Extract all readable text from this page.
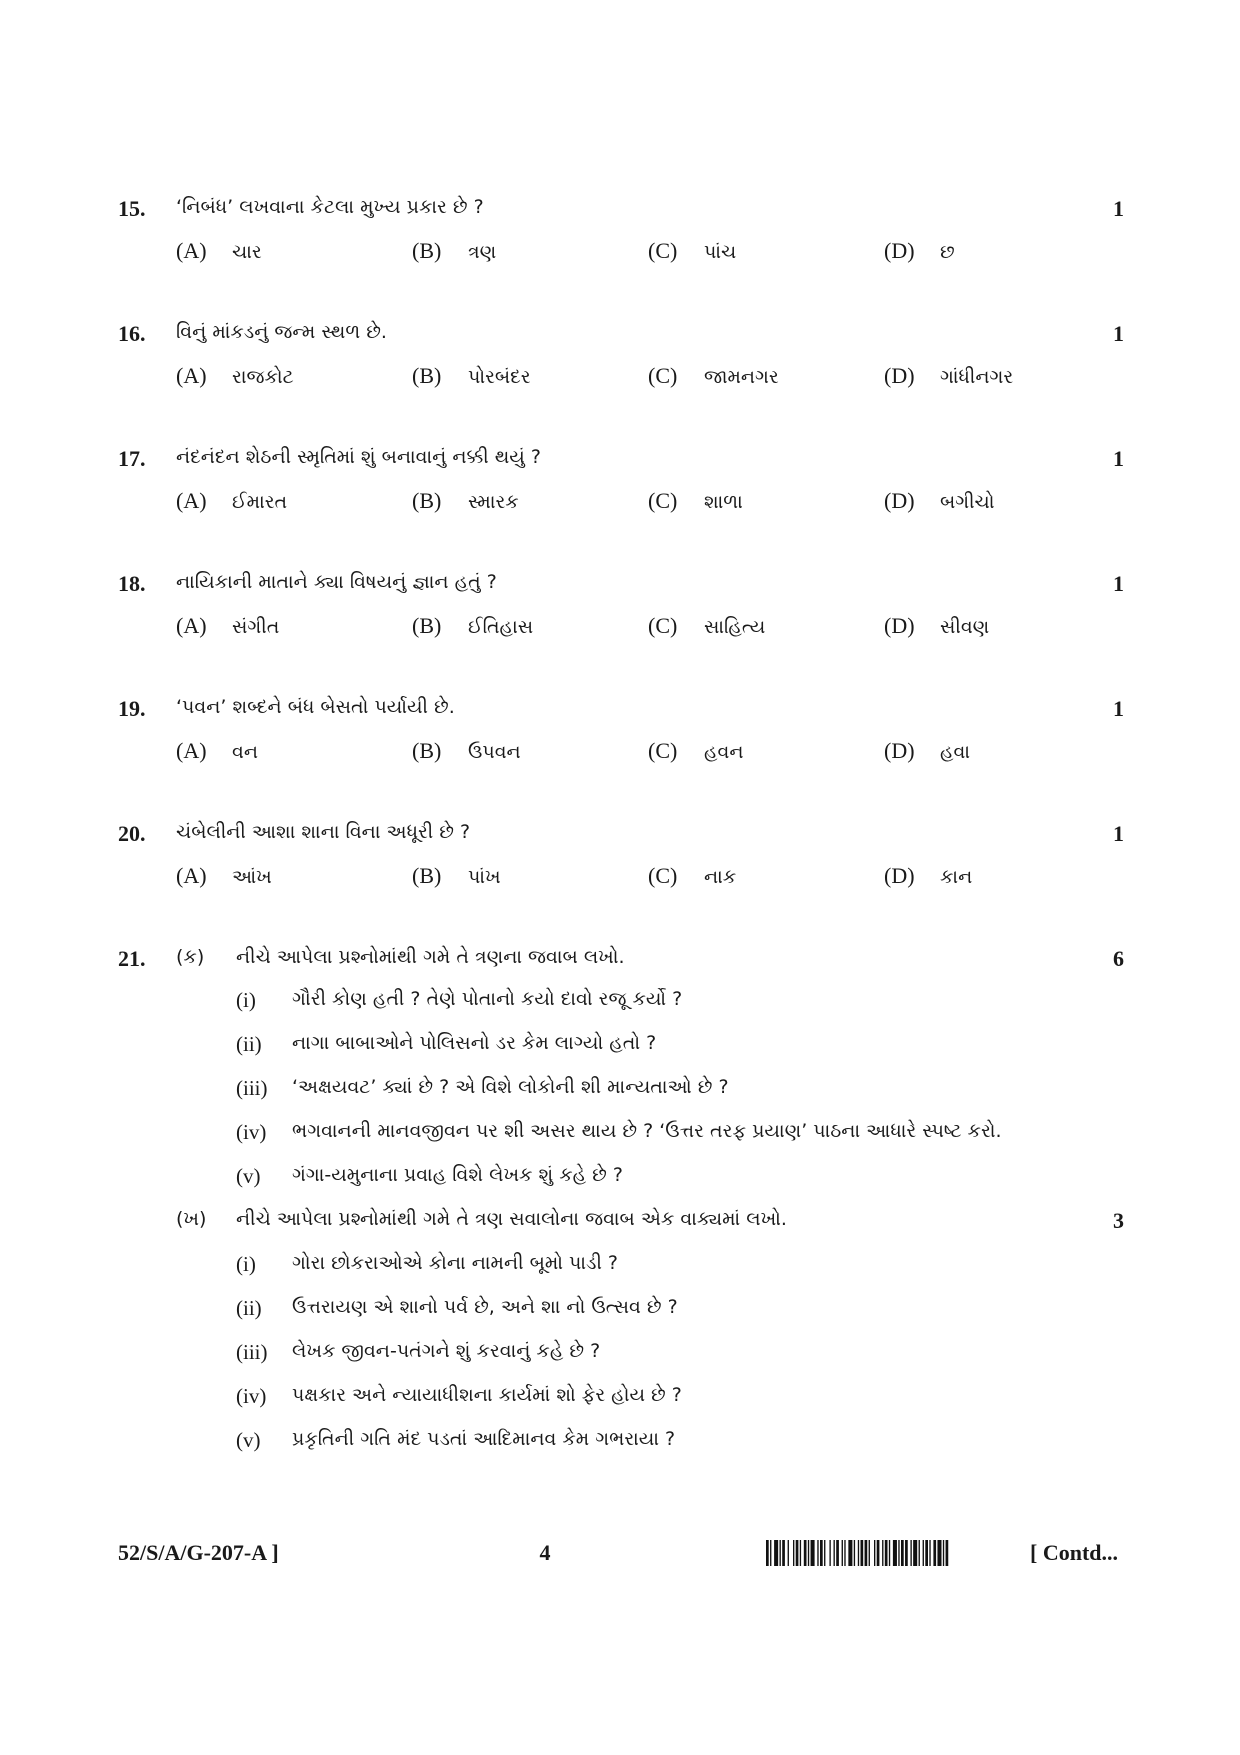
15. ‘નિબંધ’ લખવાના કેટલા મુખ્ય પ્રકાર છે ?	1
(A) ચાર	(B) ત્રણ	(C) પાંચ	(D) છ
16. વિનું માંકડનું જન્મ સ્થળ છે.	1
(A) રાજકોટ	(B) પોરબંદર	(C) જામનગર	(D) ગાંધીનગર
17. નંદનંદન શેઠની સ્મૃતિમાં શું બનાવાનું નક્કી થયું ?	1
(A) ઈમારત	(B) સ્મારક	(C) શાળા	(D) બગીચો
18. નાયિકાની માતાને ક્યા વિષયનું જ્ઞાન હતું ?	1
(A) સંગીત	(B) ઈતિહાસ	(C) સાહિત્ય	(D) સીવણ
19. ‘પવન’ શબ્દને બંધ બેસતો પર્યાયી છે.	1
(A) વન	(B) ઉપવન	(C) હવન	(D) હવા
20. ચંબેલીની આશા શાના વિના અધૂરી છે ?	1
(A) આંખ	(B) પાંખ	(C) નાક	(D) કાન
21. (ક) નીચે આપેલા પ્રશ્નોમાંથી ગમે તે ત્રણના જવાબ લખો.	6
(i) ગૌરી કોણ હતી ? તેણે પોતાનો કયો દાવો રજૂ કર્યો ?
(ii) નાગા બાબાઓને પોલિસનો ડર કેમ લાગ્યો હતો ?
(iii) ‘અક્ષયવટ’ ક્યાં છે ? એ વિશે લોકોની શી માન્યતાઓ છે ?
(iv) ભગવાનની માનવજીવન પર શી અસર થાય છે ? ‘ઉત્તર તરફ પ્રયાણ’ પાઠના આધારે સ્પષ્ટ કરો.
(v) ગંગા-યમુનાના પ્રવાહ વિશે લેખક શું કહે છે ?
(ખ) નીચે આપેલા પ્રશ્નોમાંથી ગમે તે ત્રણ સવાલોના જવાબ એક વાક્યમાં લખો.	3
(i) ગોરા છોકરાઓએ કોના નામની બૂમો પાડી ?
(ii) ઉત્તરાયણ એ શાનો પર્વ છે, અને શા નો ઉત્સવ છે ?
(iii) લેખક જીવન-પતંગને શું કરવાનું કહે છે ?
(iv) પક્ષકાર અને ન્યાયાધીશના કાર્યમાં શો ફેર હોય છે ?
(v) પ્રકૃતિની ગતિ મંદ પડતાં આદિમાનવ કેમ ગભરાયા ?
52/S/A/G-207-A ]	4	[ Contd...
